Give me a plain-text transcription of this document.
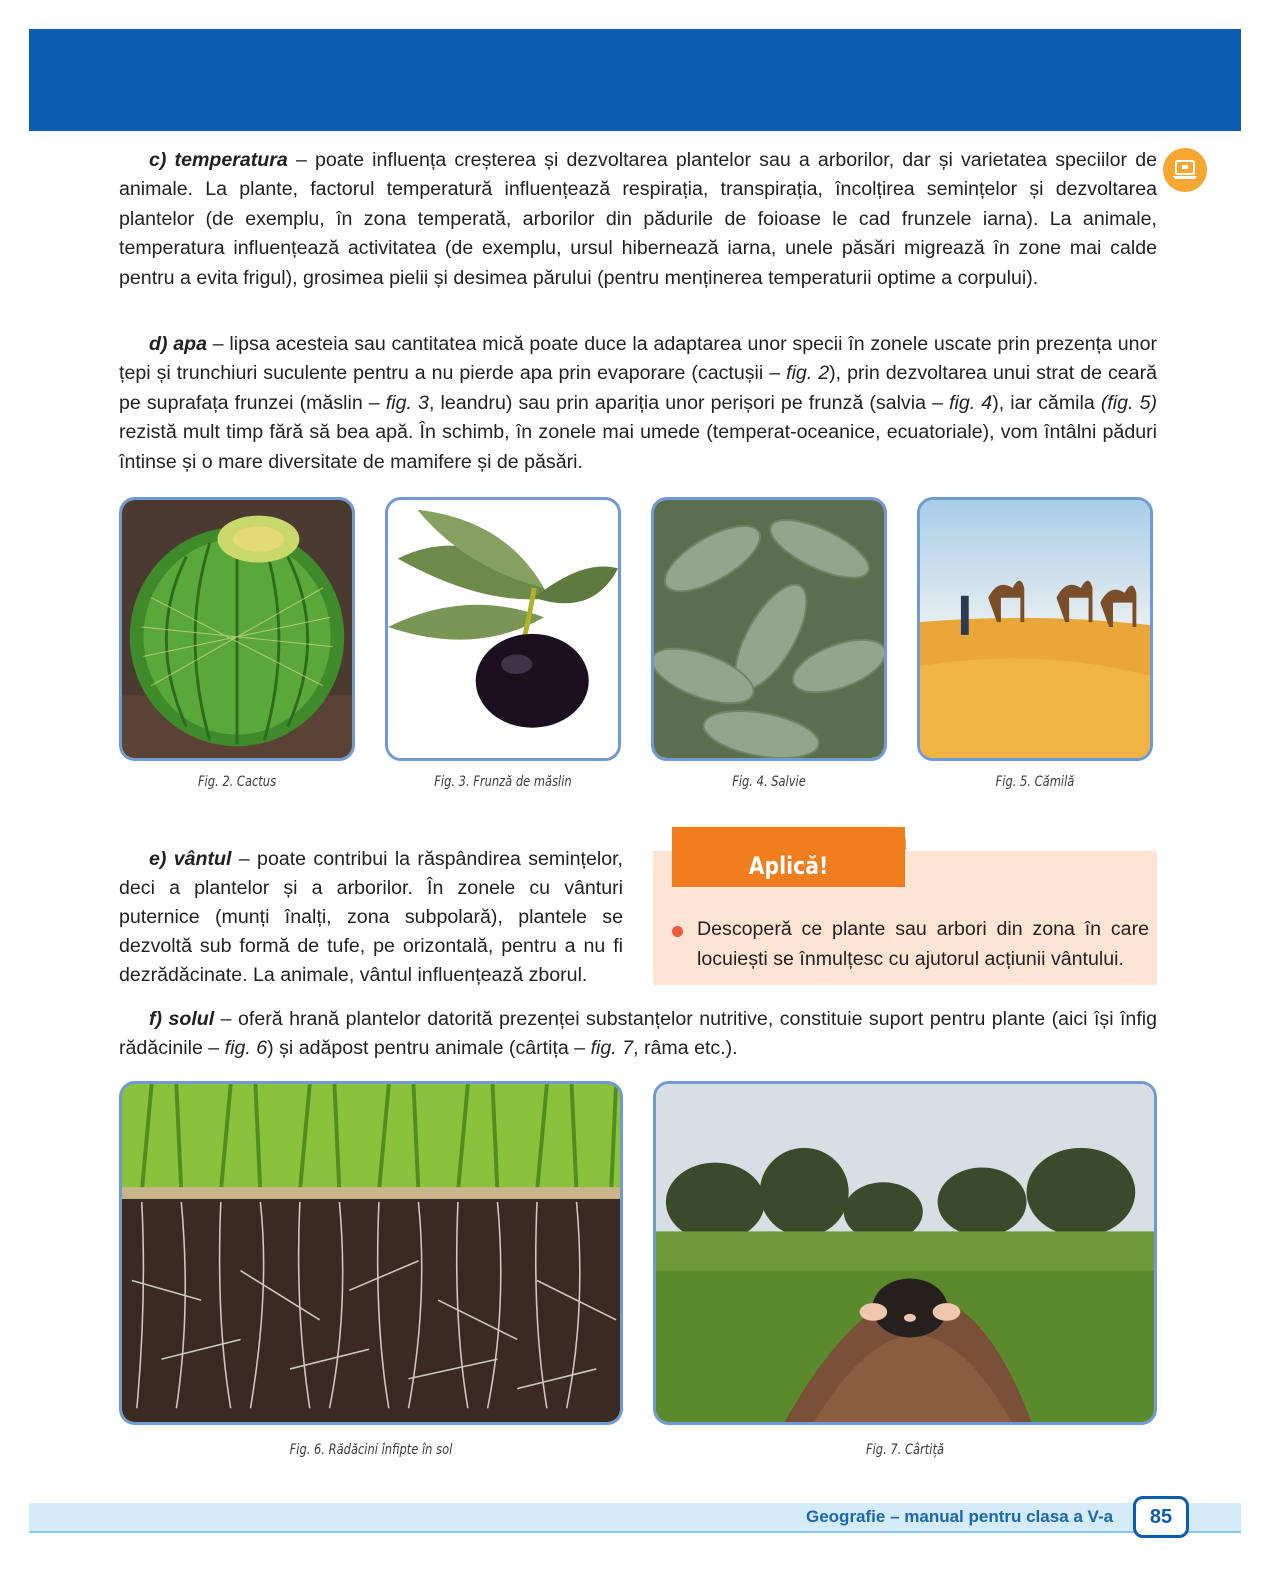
c) temperatura – poate influența creșterea și dezvoltarea plantelor sau a arborilor, dar și varietatea speciilor de animale. La plante, factorul temperatură influențează respirația, transpirația, încolțirea semințelor și dezvoltarea plantelor (de exemplu, în zona temperată, arborilor din pădurile de foioase le cad frunzele iarna). La animale, temperatura influențează activitatea (de exemplu, ursul hibernează iarna, unele păsări migrează în zone mai calde pentru a evita frigul), grosimea pielii și desimea părului (pentru menținerea temperaturii optime a corpului).

d) apa – lipsa acesteia sau cantitatea mică poate duce la adaptarea unor specii în zonele uscate prin prezența unor țepi și trunchiuri suculente pentru a nu pierde apa prin evaporare (cactușii – fig. 2), prin dezvoltarea unui strat de ceară pe suprafața frunzei (măslin – fig. 3, leandru) sau prin apariția unor perișori pe frunză (salvia – fig. 4), iar cămila (fig. 5) rezistă mult timp fără să bea apă. În schimb, în zonele mai umede (temperat-oceanice, ecuatoriale), vom întâlni păduri întinse și o mare diversitate de mamifere și de păsări.

Fig. 2. Cactus	Fig. 3. Frunză de măslin	Fig. 4. Salvie	Fig. 5. Cămilă

e) vântul – poate contribui la răspândirea semințelor, deci a plantelor și a arborilor. În zonele cu vânturi puternice (munți înalți, zona subpolară), plantele se dezvoltă sub formă de tufe, pe orizontală, pentru a nu fi dezrădăcinate. La animale, vântul influențează zborul.

Aplică!

Descoperă ce plante sau arbori din zona în care locuiești se înmulțesc cu ajutorul acțiunii vântului.

f) solul – oferă hrană plantelor datorită prezenței substanțelor nutritive, constituie suport pentru plante (aici își înfig rădăcinile – fig. 6) și adăpost pentru animale (cârtița – fig. 7, râma etc.).

Fig. 6. Rădăcini înfipte în sol	Fig. 7. Cârtiță
Geografie – manual pentru clasa a V-a	85
